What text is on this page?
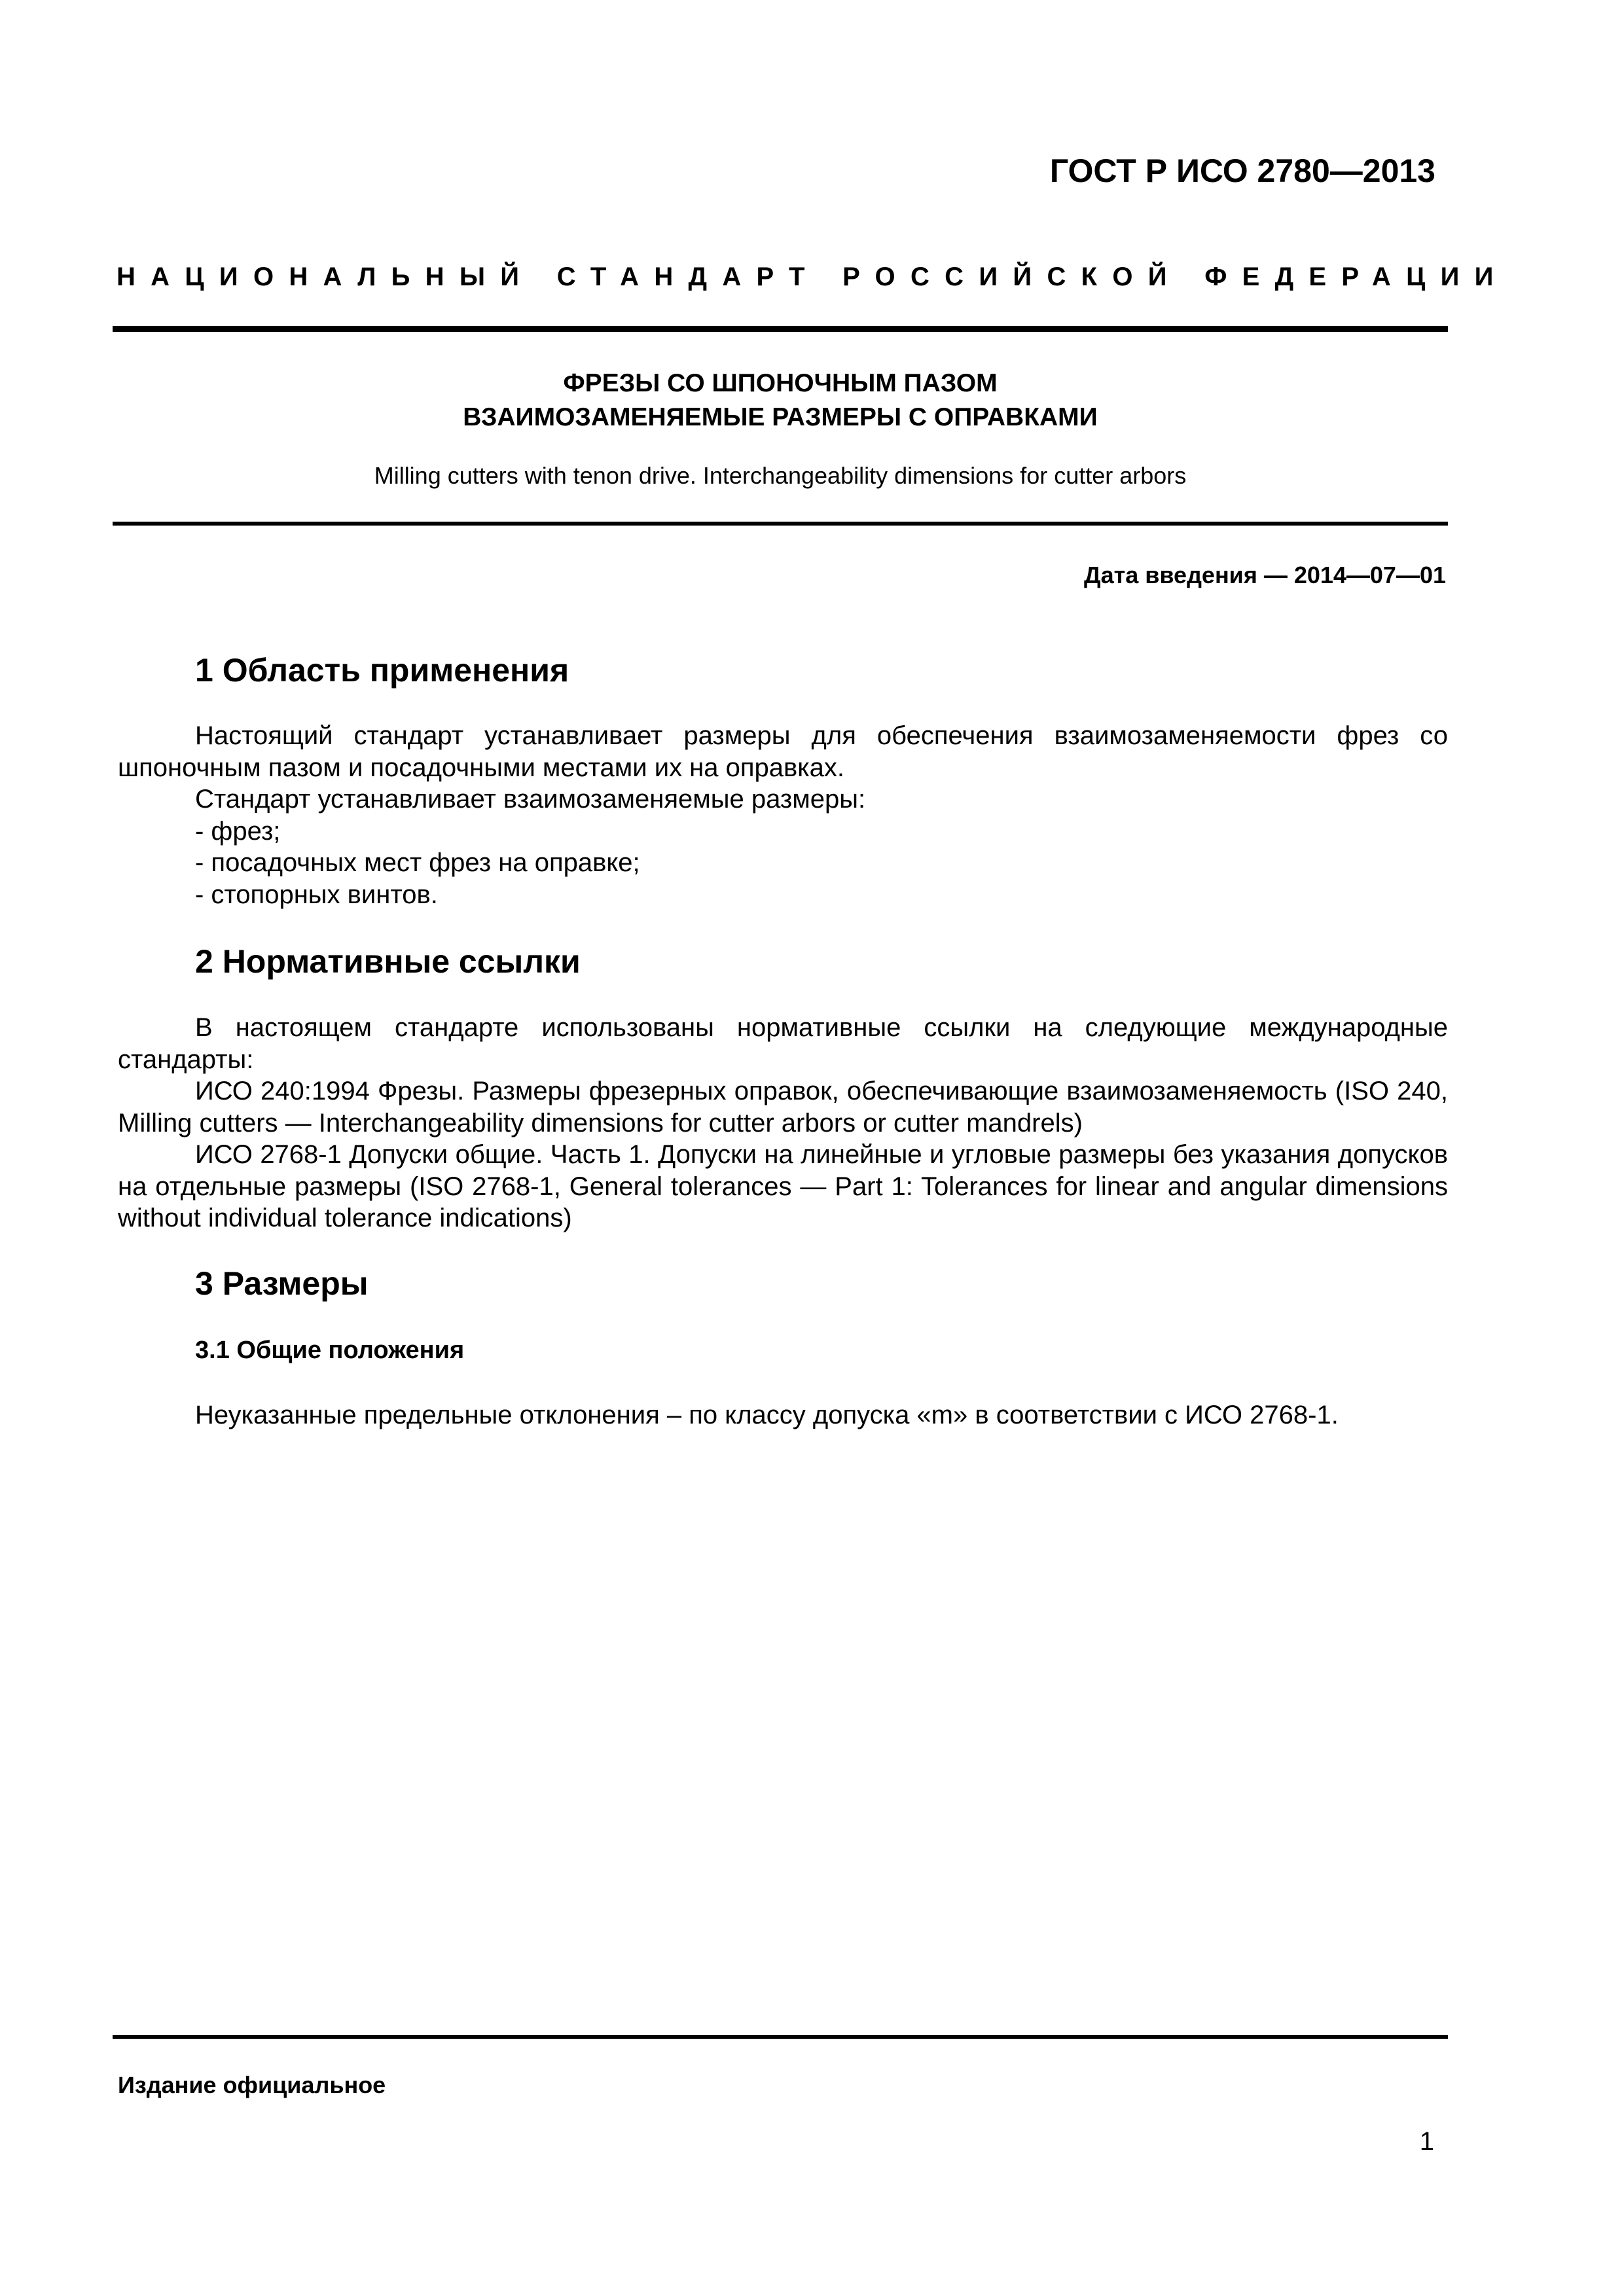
ГОСТ Р ИСО 2780—2013
НАЦИОНАЛЬНЫЙ СТАНДАРТ РОССИЙСКОЙ ФЕДЕРАЦИИ
ФРЕЗЫ СО ШПОНОЧНЫМ ПАЗОМ
ВЗАИМОЗАМЕНЯЕМЫЕ РАЗМЕРЫ С ОПРАВКАМИ
Milling cutters with tenon drive. Interchangeability dimensions for cutter arbors
Дата введения — 2014—07—01
1 Область применения

Настоящий стандарт устанавливает размеры для обеспечения взаимозаменяемости фрез со шпоночным пазом и посадочными местами их на оправках.

Стандарт устанавливает взаимозаменяемые размеры:

- фрез;

- посадочных мест фрез на оправке;

- стопорных винтов.

2 Нормативные ссылки

В настоящем стандарте использованы нормативные ссылки на следующие международные стандарты:

ИСО 240:1994 Фрезы. Размеры фрезерных оправок, обеспечивающие взаимозаменяемость (ISO 240, Milling cutters — Interchangeability dimensions for cutter arbors or cutter mandrels)

ИСО 2768-1 Допуски общие. Часть 1. Допуски на линейные и угловые размеры без указания допусков на отдельные размеры (ISO 2768-1, General tolerances — Part 1: Tolerances for linear and angular dimensions without individual tolerance indications)

3 Размеры
3.1 Общие положения

Неуказанные предельные отклонения – по классу допуска «m» в соответствии с ИСО 2768-1.

Издание официальное
1
